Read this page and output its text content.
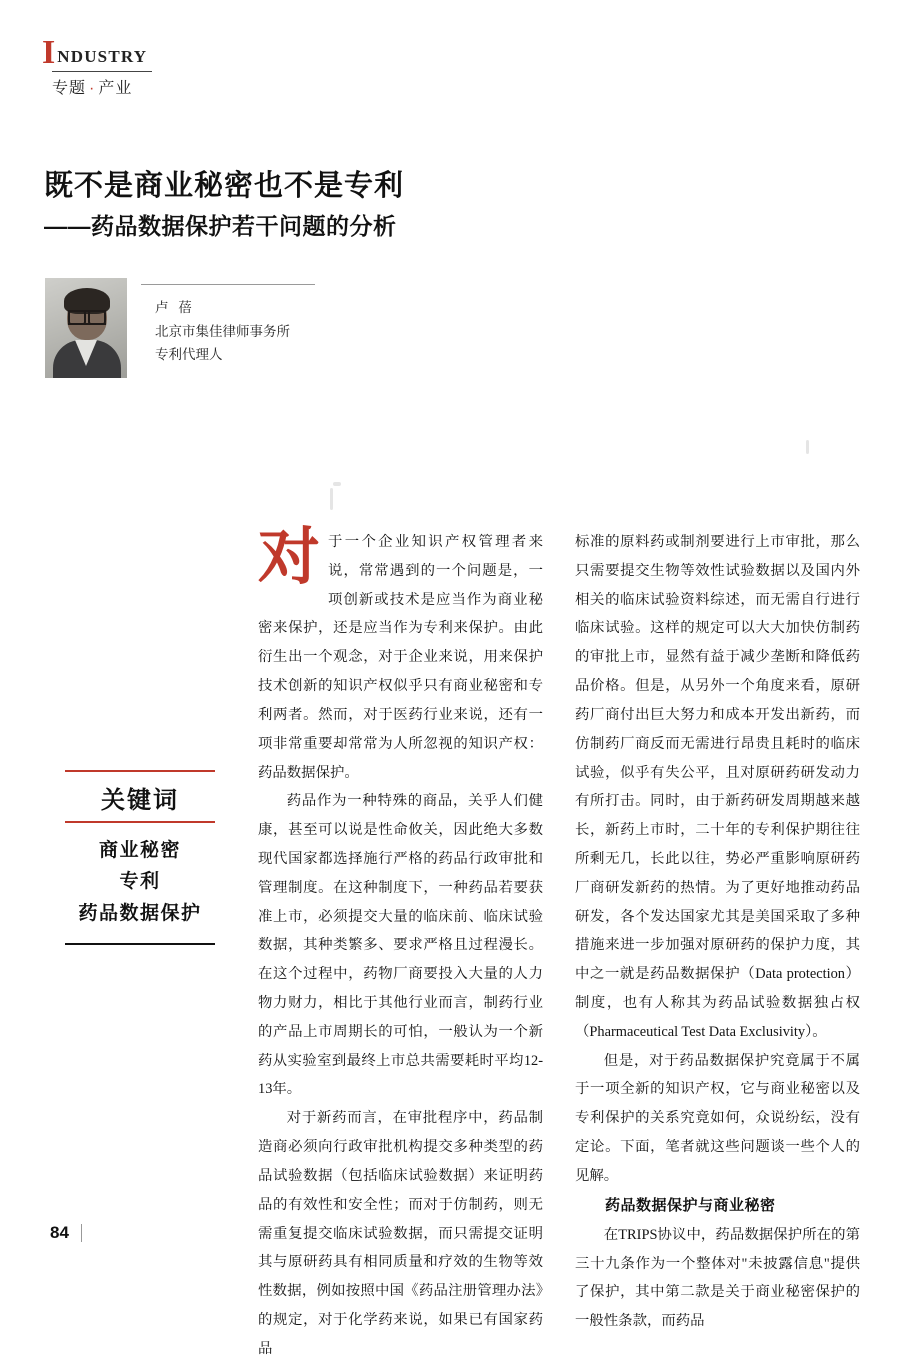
I NDUSTRY
专题 · 产业
既不是商业秘密也不是专利
——药品数据保护若干问题的分析
卢 蓓
北京市集佳律师事务所
专利代理人
关键词
商业秘密
专利
药品数据保护

对于一个企业知识产权管理者来说，常常遇到的一个问题是，一项创新或技术是应当作为商业秘密来保护，还是应当作为专利来保护。由此衍生出一个观念，对于企业来说，用来保护技术创新的知识产权似乎只有商业秘密和专利两者。然而，对于医药行业来说，还有一项非常重要却常常为人所忽视的知识产权：药品数据保护。

药品作为一种特殊的商品，关乎人们健康，甚至可以说是性命攸关，因此绝大多数现代国家都选择施行严格的药品行政审批和管理制度。在这种制度下，一种药品若要获准上市，必须提交大量的临床前、临床试验数据，其种类繁多、要求严格且过程漫长。在这个过程中，药物厂商要投入大量的人力物力财力，相比于其他行业而言，制药行业的产品上市周期长的可怕，一般认为一个新药从实验室到最终上市总共需要耗时平均12-13年。

对于新药而言，在审批程序中，药品制造商必须向行政审批机构提交多种类型的药品试验数据（包括临床试验数据）来证明药品的有效性和安全性；而对于仿制药，则无需重复提交临床试验数据，而只需提交证明其与原研药具有相同质量和疗效的生物等效性数据，例如按照中国《药品注册管理办法》的规定，对于化学药来说，如果已有国家药品

标准的原料药或制剂要进行上市审批，那么只需要提交生物等效性试验数据以及国内外相关的临床试验资料综述，而无需自行进行临床试验。这样的规定可以大大加快仿制药的审批上市，显然有益于减少垄断和降低药品价格。但是，从另外一个角度来看，原研药厂商付出巨大努力和成本开发出新药，而仿制药厂商反而无需进行昂贵且耗时的临床试验，似乎有失公平，且对原研药研发动力有所打击。同时，由于新药研发周期越来越长，新药上市时，二十年的专利保护期往往所剩无几，长此以往，势必严重影响原研药厂商研发新药的热情。为了更好地推动药品研发，各个发达国家尤其是美国采取了多种措施来进一步加强对原研药的保护力度，其中之一就是药品数据保护（Data protection）制度，也有人称其为药品试验数据独占权（Pharmaceutical Test Data Exclusivity）。

但是，对于药品数据保护究竟属于不属于一项全新的知识产权，它与商业秘密以及专利保护的关系究竟如何，众说纷纭，没有定论。下面，笔者就这些问题谈一些个人的见解。

药品数据保护与商业秘密

在TRIPS协议中，药品数据保护所在的第三十九条作为一个整体对"未披露信息"提供了保护，其中第二款是关于商业秘密保护的一般性条款，而药品

84
